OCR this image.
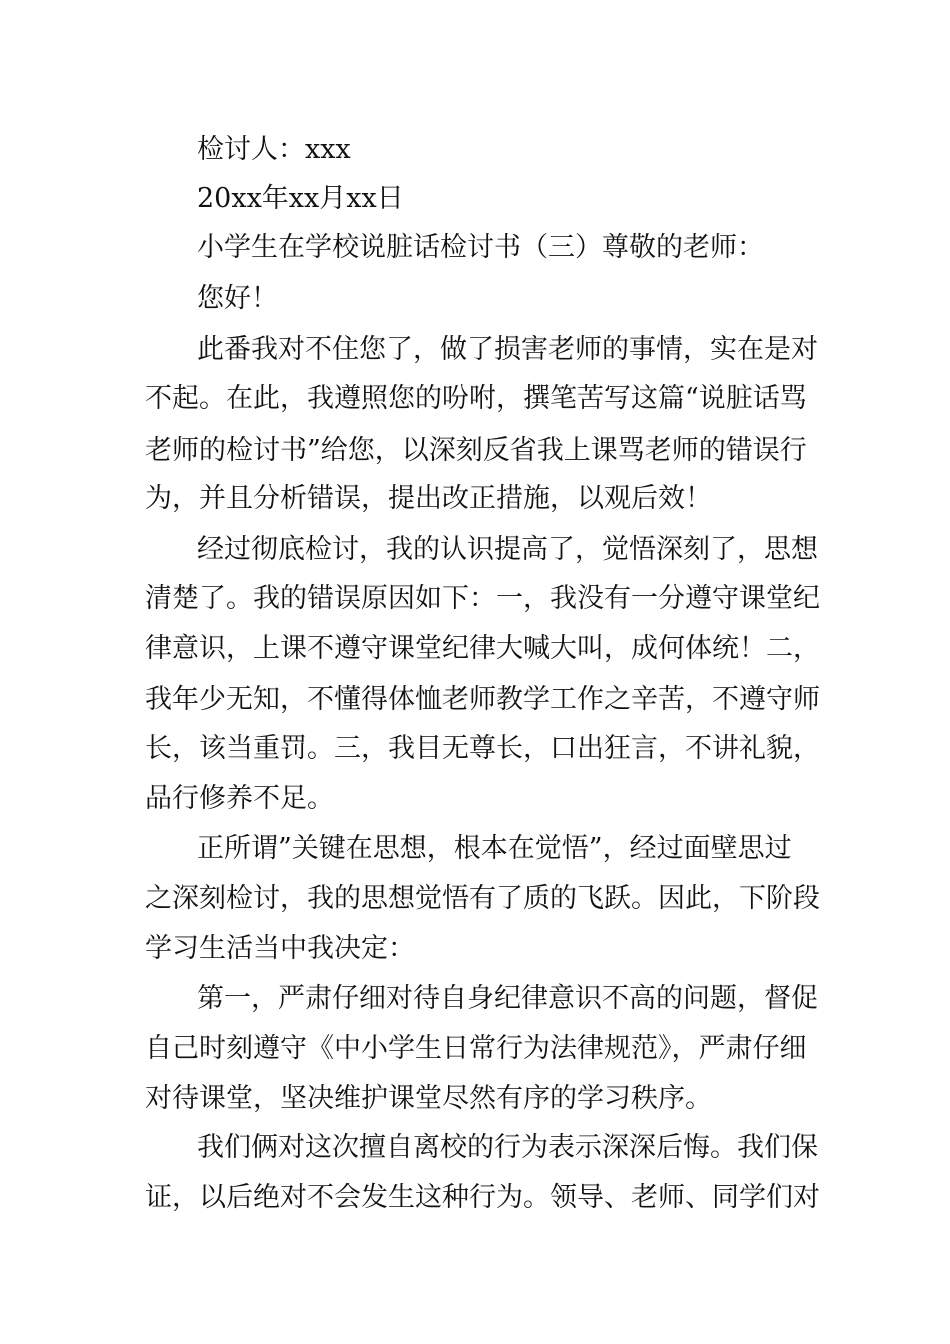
检讨人：xxx

20xx年xx月xx日

小学生在学校说脏话检讨书（三）尊敬的老师：

您好！

此番我对不住您了，做了损害老师的事情，实在是对

不起。在此，我遵照您的吩咐，撰笔苦写这篇“说脏话骂

老师的检讨书”给您，以深刻反省我上课骂老师的错误行

为，并且分析错误，提出改正措施，以观后效！

经过彻底检讨，我的认识提高了，觉悟深刻了，思想

清楚了。我的错误原因如下：一，我没有一分遵守课堂纪

律意识，上课不遵守课堂纪律大喊大叫，成何体统！二，

我年少无知，不懂得体恤老师教学工作之辛苦，不遵守师

长，该当重罚。三，我目无尊长，口出狂言，不讲礼貌，

品行修养不足。

正所谓”关键在思想，根本在觉悟”，经过面壁思过

之深刻检讨，我的思想觉悟有了质的飞跃。因此，下阶段

学习生活当中我决定：

第一，严肃仔细对待自身纪律意识不高的问题，督促

自己时刻遵守《中小学生日常行为法律规范》，严肃仔细

对待课堂，坚决维护课堂尽然有序的学习秩序。

我们俩对这次擅自离校的行为表示深深后悔。我们保

证，以后绝对不会发生这种行为。领导、老师、同学们对
